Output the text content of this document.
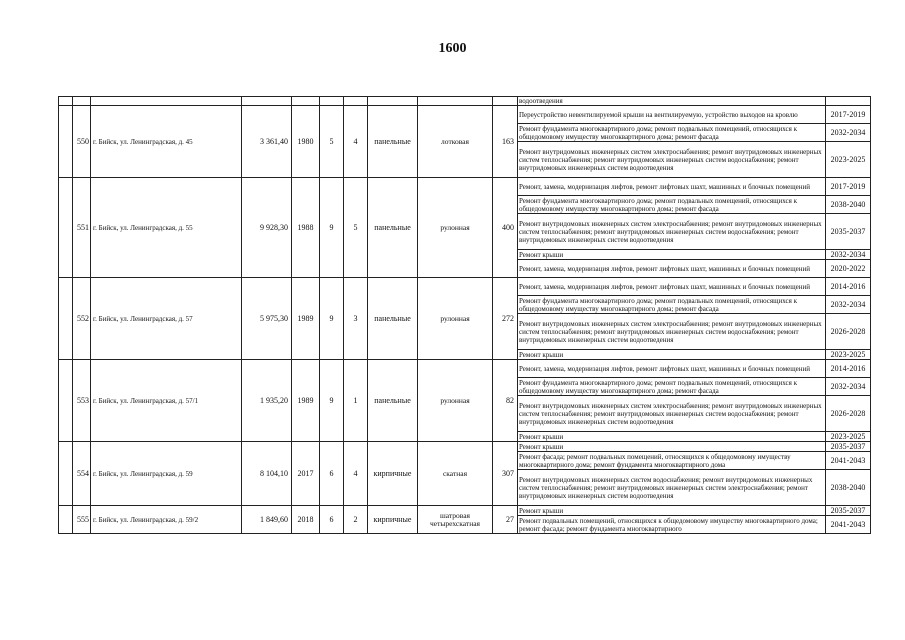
1600
										водоотведения	
	550	г. Бийск, ул. Ленинградская, д. 45	3 361,40	1980	5	4	панельные	лотковая	163	Переустройство невентилируемой крыши на вентилируемую, устройство выходов на кровлю	2017-2019
										Ремонт фундамента многоквартирного дома; ремонт подвальных помещений, относящихся к общедомовому имуществу многоквартирного дома; ремонт фасада	2032-2034
										Ремонт внутридомовых инженерных систем электроснабжения; ремонт внутридомовых инженерных систем теплоснабжения; ремонт внутридомовых инженерных систем водоснабжения; ремонт внутридомовых инженерных систем водоотведения	2023-2025
	551	г. Бийск, ул. Ленинградская, д. 55	9 928,30	1988	9	5	панельные	рулонная	400	Ремонт, замена, модернизация лифтов, ремонт лифтовых шахт, машинных и блочных помещений	2017-2019
										Ремонт фундамента многоквартирного дома; ремонт подвальных помещений, относящихся к общедомовому имуществу многоквартирного дома; ремонт фасада	2038-2040
										Ремонт внутридомовых инженерных систем электроснабжения; ремонт внутридомовых инженерных систем теплоснабжения; ремонт внутридомовых инженерных систем водоснабжения; ремонт внутридомовых инженерных систем водоотведения	2035-2037
										Ремонт крыши	2032-2034
										Ремонт, замена, модернизация лифтов, ремонт лифтовых шахт, машинных и блочных помещений	2020-2022
	552	г. Бийск, ул. Ленинградская, д. 57	5 975,30	1989	9	3	панельные	рулонная	272	Ремонт, замена, модернизация лифтов, ремонт лифтовых шахт, машинных и блочных помещений	2014-2016
										Ремонт фундамента многоквартирного дома; ремонт подвальных помещений, относящихся к общедомовому имуществу многоквартирного дома; ремонт фасада	2032-2034
										Ремонт внутридомовых инженерных систем электроснабжения; ремонт внутридомовых инженерных систем теплоснабжения; ремонт внутридомовых инженерных систем водоснабжения; ремонт внутридомовых инженерных систем водоотведения	2026-2028
										Ремонт крыши	2023-2025
	553	г. Бийск, ул. Ленинградская, д. 57/1	1 935,20	1989	9	1	панельные	рулонная	82	Ремонт, замена, модернизация лифтов, ремонт лифтовых шахт, машинных и блочных помещений	2014-2016
										Ремонт фундамента многоквартирного дома; ремонт подвальных помещений, относящихся к общедомовому имуществу многоквартирного дома; ремонт фасада	2032-2034
										Ремонт внутридомовых инженерных систем электроснабжения; ремонт внутридомовых инженерных систем теплоснабжения; ремонт внутридомовых инженерных систем водоснабжения; ремонт внутридомовых инженерных систем водоотведения	2026-2028
										Ремонт крыши	2023-2025
	554	г. Бийск, ул. Ленинградская, д. 59	8 104,10	2017	6	4	кирпичные	скатная	307	Ремонт крыши	2035-2037
										Ремонт фасада; ремонт подвальных помещений, относящихся к общедомовому имуществу многоквартирного дома; ремонт фундамента многоквартирного дома	2041-2043
										Ремонт внутридомовых инженерных систем водоснабжения; ремонт внутридомовых инженерных систем теплоснабжения; ремонт внутридомовых инженерных систем электроснабжения; ремонт внутридомовых инженерных систем водоотведения	2038-2040
	555	г. Бийск, ул. Ленинградская, д. 59/2	1 849,60	2018	6	2	кирпичные	шатровая четырехскатная	27	Ремонт крыши	2035-2037
										Ремонт подвальных помещений, относящихся к общедомовому имуществу многоквартирного дома; ремонт фасада; ремонт фундамента многоквартирного	2041-2043
